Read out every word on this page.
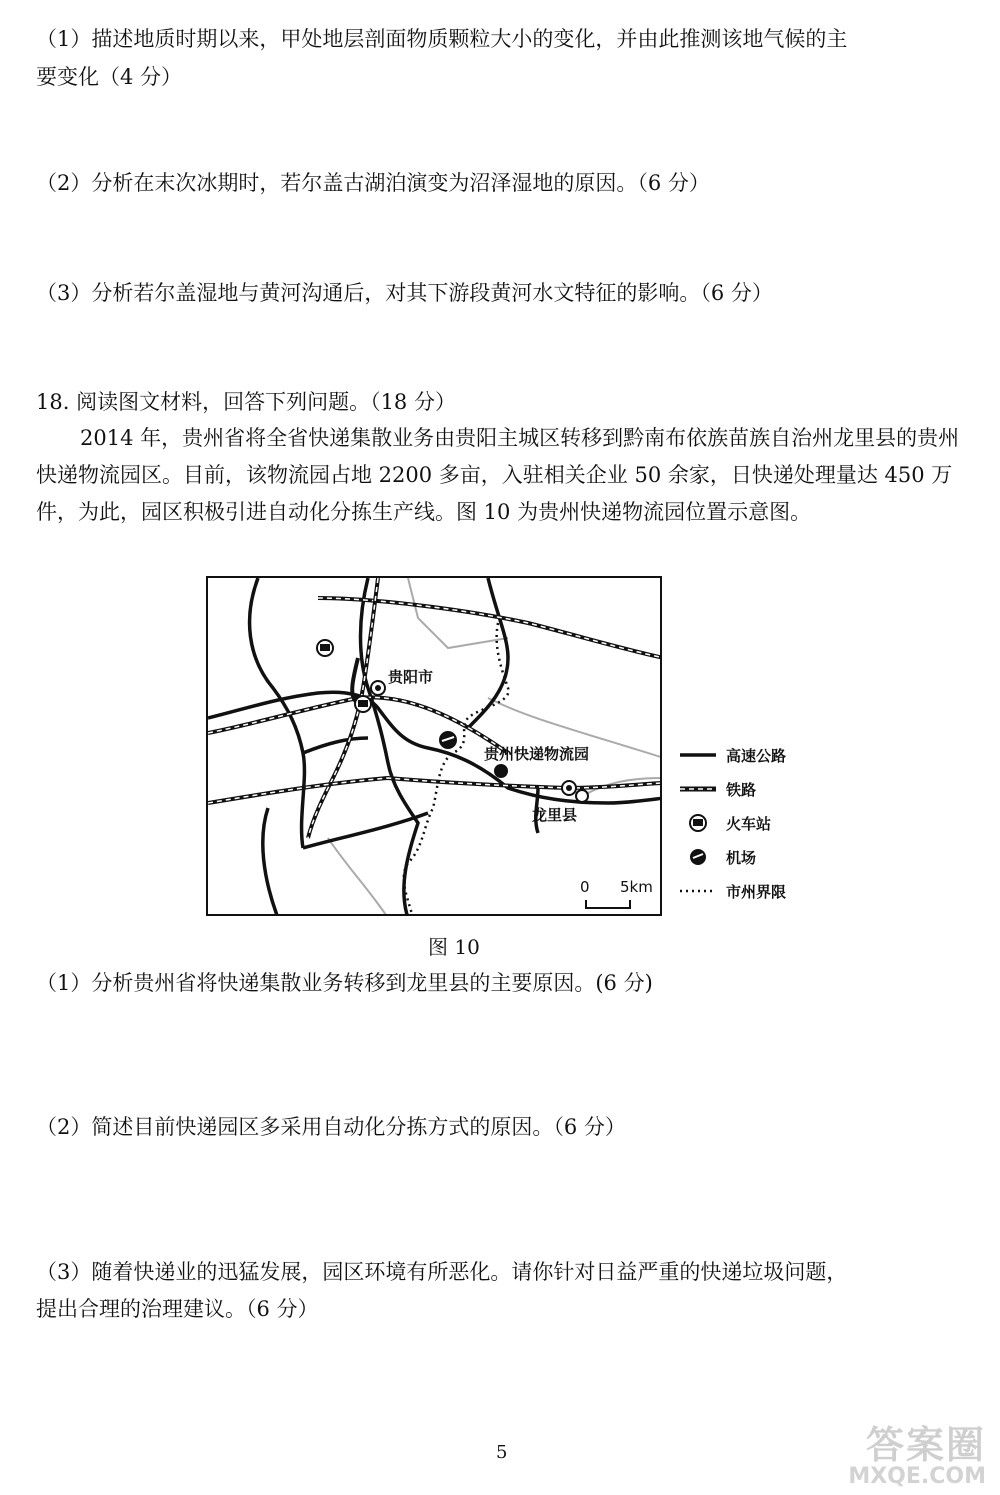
（1）描述地质时期以来，甲处地层剖面物质颗粒大小的变化，并由此推测该地气候的主
要变化（4 分）
（2）分析在末次冰期时，若尔盖古湖泊演变为沼泽湿地的原因。（6 分）
（3）分析若尔盖湿地与黄河沟通后，对其下游段黄河水文特征的影响。（6 分）
18. 阅读图文材料，回答下列问题。（18 分）
2014 年，贵州省将全省快递集散业务由贵阳主城区转移到黔南布依族苗族自治州龙里县的贵州快递物流园区。目前，该物流园占地 2200 多亩，入驻相关企业 50 余家，日快递处理量达 450 万件，为此，园区积极引进自动化分拣生产线。图 10 为贵州快递物流园位置示意图。
贵阳市
贵州快递物流园
龙里县
0 5km
高速公路
铁路
火车站
机场
市州界限
图 10
（1）分析贵州省将快递集散业务转移到龙里县的主要原因。(6 分)
（2）简述目前快递园区多采用自动化分拣方式的原因。（6 分）
（3）随着快递业的迅猛发展，园区环境有所恶化。请你针对日益严重的快递垃圾问题，
提出合理的治理建议。（6 分）
5	答案圈
MXQE.COM
